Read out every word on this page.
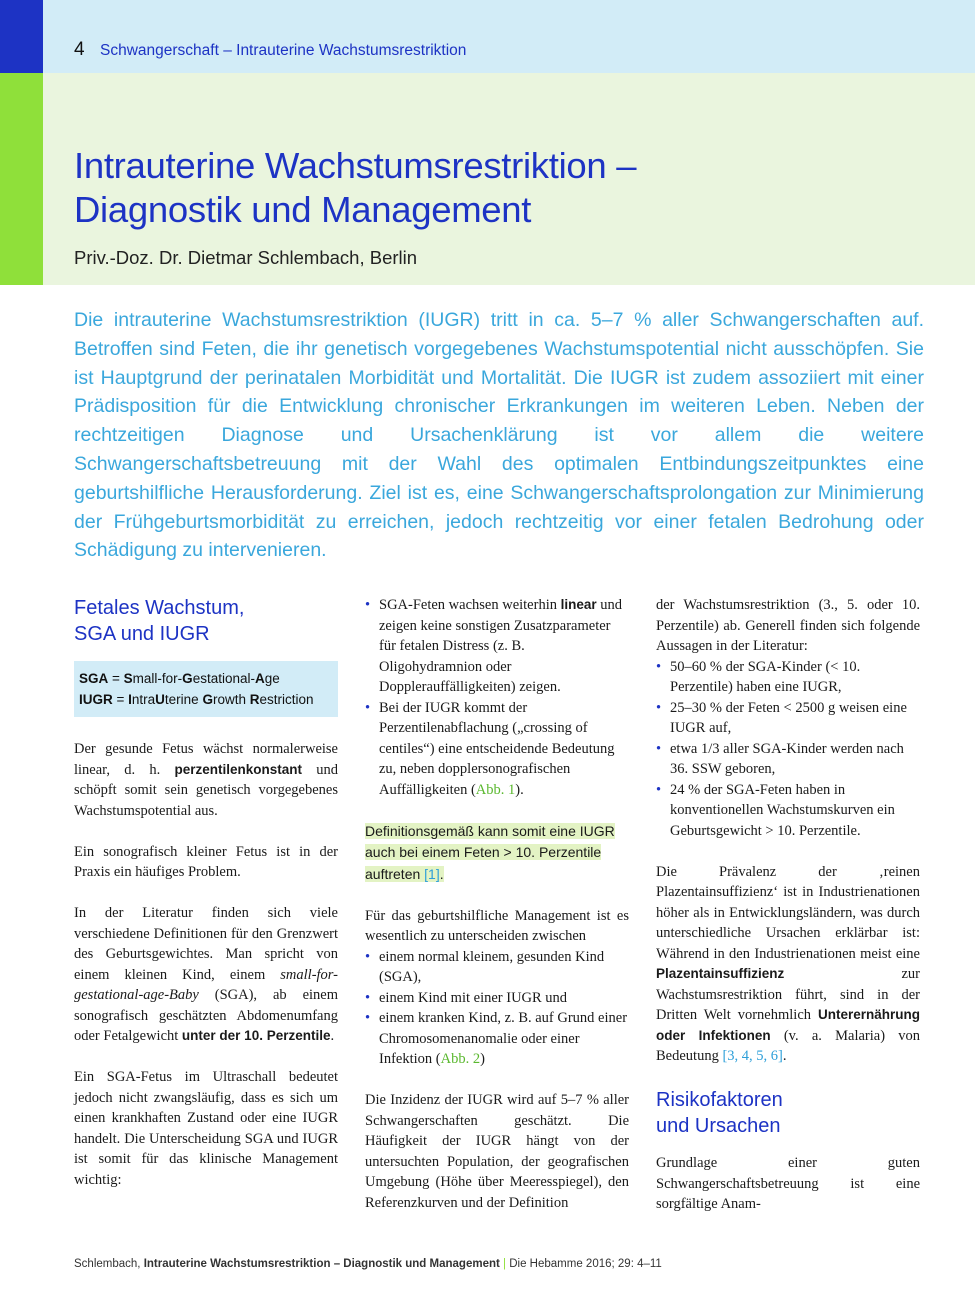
4 Schwangerschaft – Intrauterine Wachstumsrestriktion
Intrauterine Wachstumsrestriktion –
Diagnostik und Management
Priv.-Doz. Dr. Dietmar Schlembach, Berlin

Die intrauterine Wachstumsrestriktion (IUGR) tritt in ca. 5–7 % aller Schwangerschaften auf. Betroffen sind Feten, die ihr genetisch vorgegebenes Wachstumspotential nicht ausschöpfen. Sie ist Hauptgrund der perinatalen Morbidität und Mortalität. Die IUGR ist zudem assoziiert mit einer Prädisposition für die Entwicklung chronischer Erkrankungen im weiteren Leben. Neben der rechtzeitigen Diagnose und Ursachenklärung ist vor allem die weitere Schwangerschaftsbetreuung mit der Wahl des optimalen Entbindungszeitpunktes eine geburtshilfliche Herausforderung. Ziel ist es, eine Schwangerschaftsprolongation zur Minimierung der Frühgeburtsmorbidität zu erreichen, jedoch rechtzeitig vor einer fetalen Bedrohung oder Schädigung zu intervenieren.

Fetales Wachstum,
SGA und IUGR
SGA = Small-for-Gestational-Age
IUGR = IntraUterine Growth Restriction

Der gesunde Fetus wächst normalerweise linear, d. h. perzentilenkonstant und schöpft somit sein genetisch vorgegebenes Wachstumspotential aus.

Ein sonografisch kleiner Fetus ist in der Praxis ein häufiges Problem.

In der Literatur finden sich viele verschiedene Definitionen für den Grenzwert des Geburtsgewichtes. Man spricht von einem kleinen Kind, einem small-for-gestational-age-Baby (SGA), ab einem sonografisch geschätzten Abdomenumfang oder Fetalgewicht unter der 10. Perzentile.

Ein SGA-Fetus im Ultraschall bedeutet jedoch nicht zwangsläufig, dass es sich um einen krankhaften Zustand oder eine IUGR handelt. Die Unterscheidung SGA und IUGR ist somit für das klinische Management wichtig:

• SGA-Feten wachsen weiterhin linear und zeigen keine sonstigen Zusatzparameter für fetalen Distress (z. B. Oligohydramnion oder Dopplerauffälligkeiten) zeigen.
• Bei der IUGR kommt der Perzentilenabflachung („crossing of centiles“) eine entscheidende Bedeutung zu, neben dopplersonografischen Auffälligkeiten (Abb. 1).

Definitionsgemäß kann somit eine IUGR auch bei einem Feten > 10. Perzentile auftreten [1].

Für das geburtshilfliche Management ist es wesentlich zu unterscheiden zwischen

• einem normal kleinem, gesunden Kind (SGA),
• einem Kind mit einer IUGR und
• einem kranken Kind, z. B. auf Grund einer Chromosomenanomalie oder einer Infektion (Abb. 2)

Die Inzidenz der IUGR wird auf 5–7 % aller Schwangerschaften geschätzt. Die Häufigkeit der IUGR hängt von der untersuchten Population, der geografischen Umgebung (Höhe über Meeresspiegel), den Referenzkurven und der Definition

der Wachstumsrestriktion (3., 5. oder 10. Perzentile) ab. Generell finden sich folgende Aussagen in der Literatur:

• 50–60 % der SGA-Kinder (< 10. Perzentile) haben eine IUGR,
• 25–30 % der Feten < 2500 g weisen eine IUGR auf,
• etwa 1/3 aller SGA-Kinder werden nach 36. SSW geboren,
• 24 % der SGA-Feten haben in konventionellen Wachstumskurven ein Geburtsgewicht > 10. Perzentile.

Die Prävalenz der ‚reinen Plazentainsuffizienz‘ ist in Industrienationen höher als in Entwicklungsländern, was durch unterschiedliche Ursachen erklärbar ist: Während in den Industrienationen meist eine Plazentainsuffizienz	zur Wachstumsrestriktion führt, sind in der Dritten Welt vornehmlich Unterernährung oder Infektionen (v. a. Malaria) von Bedeutung [3, 4, 5, 6].

Risikofaktoren
und Ursachen

Grundlage einer guten Schwangerschaftsbetreuung ist eine sorgfältige Anam-

Schlembach, Intrauterine Wachstumsrestriktion – Diagnostik und Management | Die Hebamme 2016; 29: 4–11
